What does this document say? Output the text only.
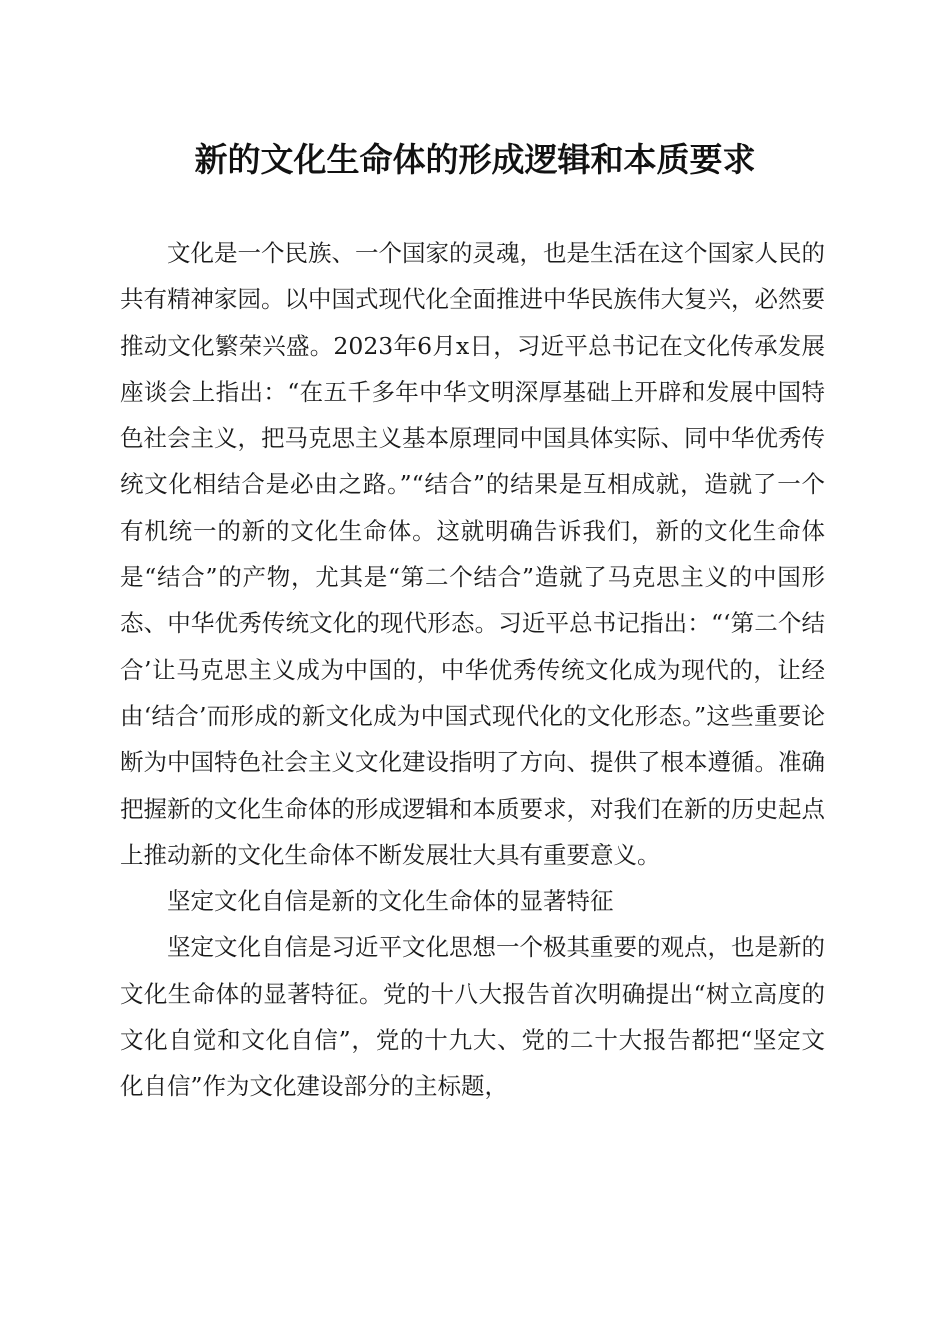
新的文化生命体的形成逻辑和本质要求

文化是一个民族、一个国家的灵魂，也是生活在这个国家人民的共有精神家园。以中国式现代化全面推进中华民族伟大复兴，必然要推动文化繁荣兴盛。2023年6月x日，习近平总书记在文化传承发展座谈会上指出：“在五千多年中华文明深厚基础上开辟和发展中国特色社会主义，把马克思主义基本原理同中国具体实际、同中华优秀传统文化相结合是必由之路。”“结合”的结果是互相成就，造就了一个有机统一的新的文化生命体。这就明确告诉我们，新的文化生命体是“结合”的产物，尤其是“第二个结合”造就了马克思主义的中国形态、中华优秀传统文化的现代形态。习近平总书记指出：“‘第二个结合’让马克思主义成为中国的，中华优秀传统文化成为现代的，让经由‘结合’而形成的新文化成为中国式现代化的文化形态。”这些重要论断为中国特色社会主义文化建设指明了方向、提供了根本遵循。准确把握新的文化生命体的形成逻辑和本质要求，对我们在新的历史起点上推动新的文化生命体不断发展壮大具有重要意义。

坚定文化自信是新的文化生命体的显著特征

坚定文化自信是习近平文化思想一个极其重要的观点，也是新的文化生命体的显著特征。党的十八大报告首次明确提出“树立高度的文化自觉和文化自信”，党的十九大、党的二十大报告都把“坚定文化自信”作为文化建设部分的主标题，
